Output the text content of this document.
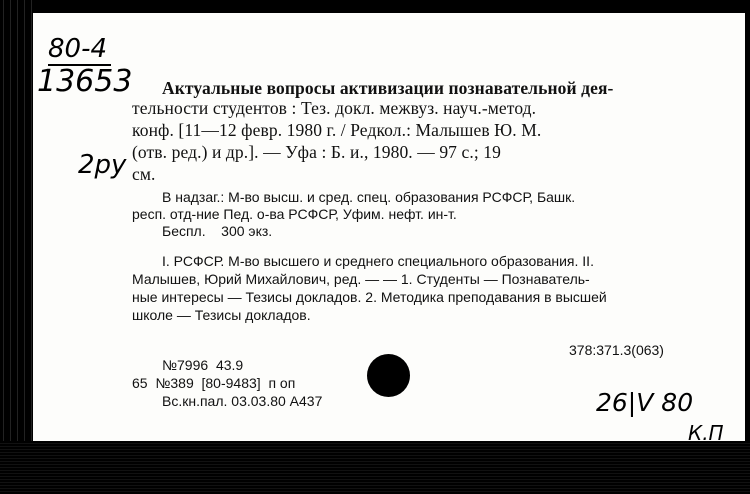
80-4
13653
2py
26|V 80
К.П
Актуальные вопросы активизации познавательной дея-
тельности студентов : Тез. докл. межвуз. науч.-метод.
конф. [11—12 февр. 1980 г. / Редкол.: Малышев Ю. М.
(отв. ред.) и др.]. — Уфа : Б. и., 1980. — 97 с.; 19
см.
В надзаг.: М-во высш. и сред. спец. образования РСФСР, Башк.
респ. отд-ние Пед. о-ва РСФСР, Уфим. нефт. ин-т.
Беспл.    300 экз.
I. РСФСР. М-во высшего и среднего специального образования. II.
Малышев, Юрий Михайлович, ред. — — 1. Студенты — Познаватель-
ные интересы — Тезисы докладов. 2. Методика преподавания в высшей
школе — Тезисы докладов.
378:371.3(063)
№7996  43.9
65  №389  [80-9483]  п оп
Вс.кн.пал. 03.03.80 А437
